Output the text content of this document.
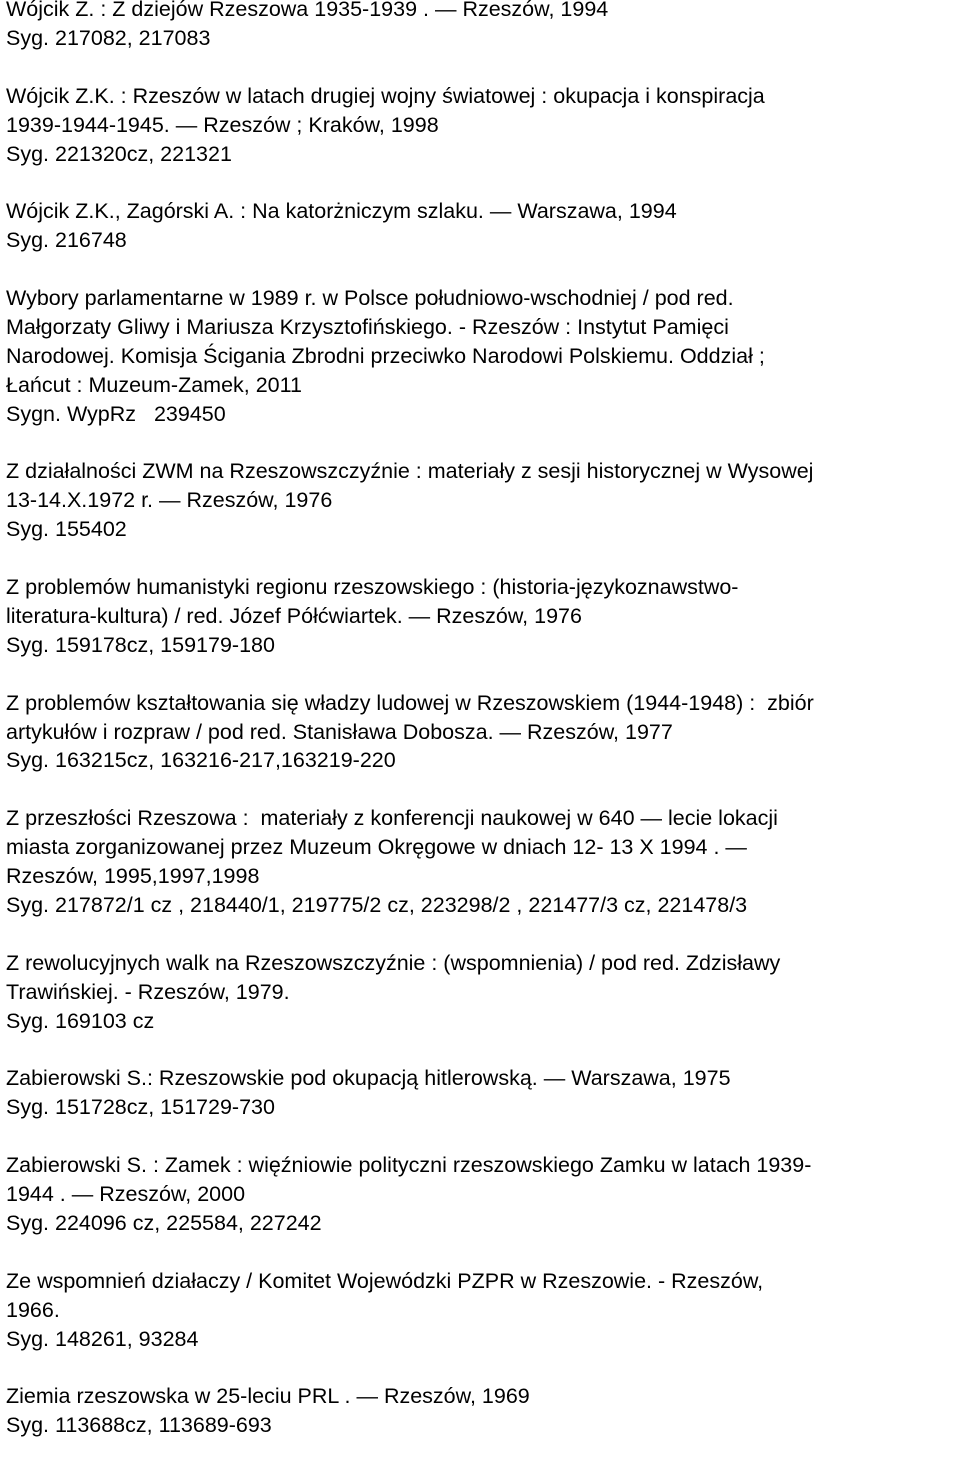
Wójcik Z. : Z dziejów Rzeszowa 1935-1939 . — Rzeszów, 1994

Syg. 217082, 217083

Wójcik Z.K. : Rzeszów w latach drugiej wojny światowej : okupacja i konspiracja

1939-1944-1945. — Rzeszów ; Kraków, 1998

Syg. 221320cz, 221321

Wójcik Z.K., Zagórski A. : Na katorżniczym szlaku. — Warszawa, 1994

Syg. 216748

Wybory parlamentarne w 1989 r. w Polsce południowo-wschodniej / pod red.

Małgorzaty Gliwy i Mariusza Krzysztofińskiego. - Rzeszów : Instytut Pamięci

Narodowej. Komisja Ścigania Zbrodni przeciwko Narodowi Polskiemu. Oddział ;

Łańcut : Muzeum-Zamek, 2011

Sygn. WypRz   239450

Z działalności ZWM na Rzeszowszczyźnie : materiały z sesji historycznej w Wysowej

13-14.X.1972 r. — Rzeszów, 1976

Syg. 155402

Z problemów humanistyki regionu rzeszowskiego : (historia-językoznawstwo-

literatura-kultura) / red. Józef Półćwiartek. — Rzeszów, 1976

Syg. 159178cz, 159179-180

Z problemów kształtowania się władzy ludowej w Rzeszowskiem (1944-1948) :  zbiór

artykułów i rozpraw / pod red. Stanisława Dobosza. — Rzeszów, 1977

Syg. 163215cz, 163216-217,163219-220

Z przeszłości Rzeszowa :  materiały z konferencji naukowej w 640 — lecie lokacji

miasta zorganizowanej przez Muzeum Okręgowe w dniach 12- 13 X 1994 . —

Rzeszów, 1995,1997,1998

Syg. 217872/1 cz , 218440/1, 219775/2 cz, 223298/2 , 221477/3 cz, 221478/3

Z rewolucyjnych walk na Rzeszowszczyźnie : (wspomnienia) / pod red. Zdzisławy

Trawińskiej. - Rzeszów, 1979.

Syg. 169103 cz

Zabierowski S.: Rzeszowskie pod okupacją hitlerowską. — Warszawa, 1975

Syg. 151728cz, 151729-730

Zabierowski S. : Zamek : więźniowie polityczni rzeszowskiego Zamku w latach 1939-

1944 . — Rzeszów, 2000

Syg. 224096 cz, 225584, 227242

Ze wspomnień działaczy / Komitet Wojewódzki PZPR w Rzeszowie. - Rzeszów,

1966.

Syg. 148261, 93284

Ziemia rzeszowska w 25-leciu PRL . — Rzeszów, 1969

Syg. 113688cz, 113689-693
